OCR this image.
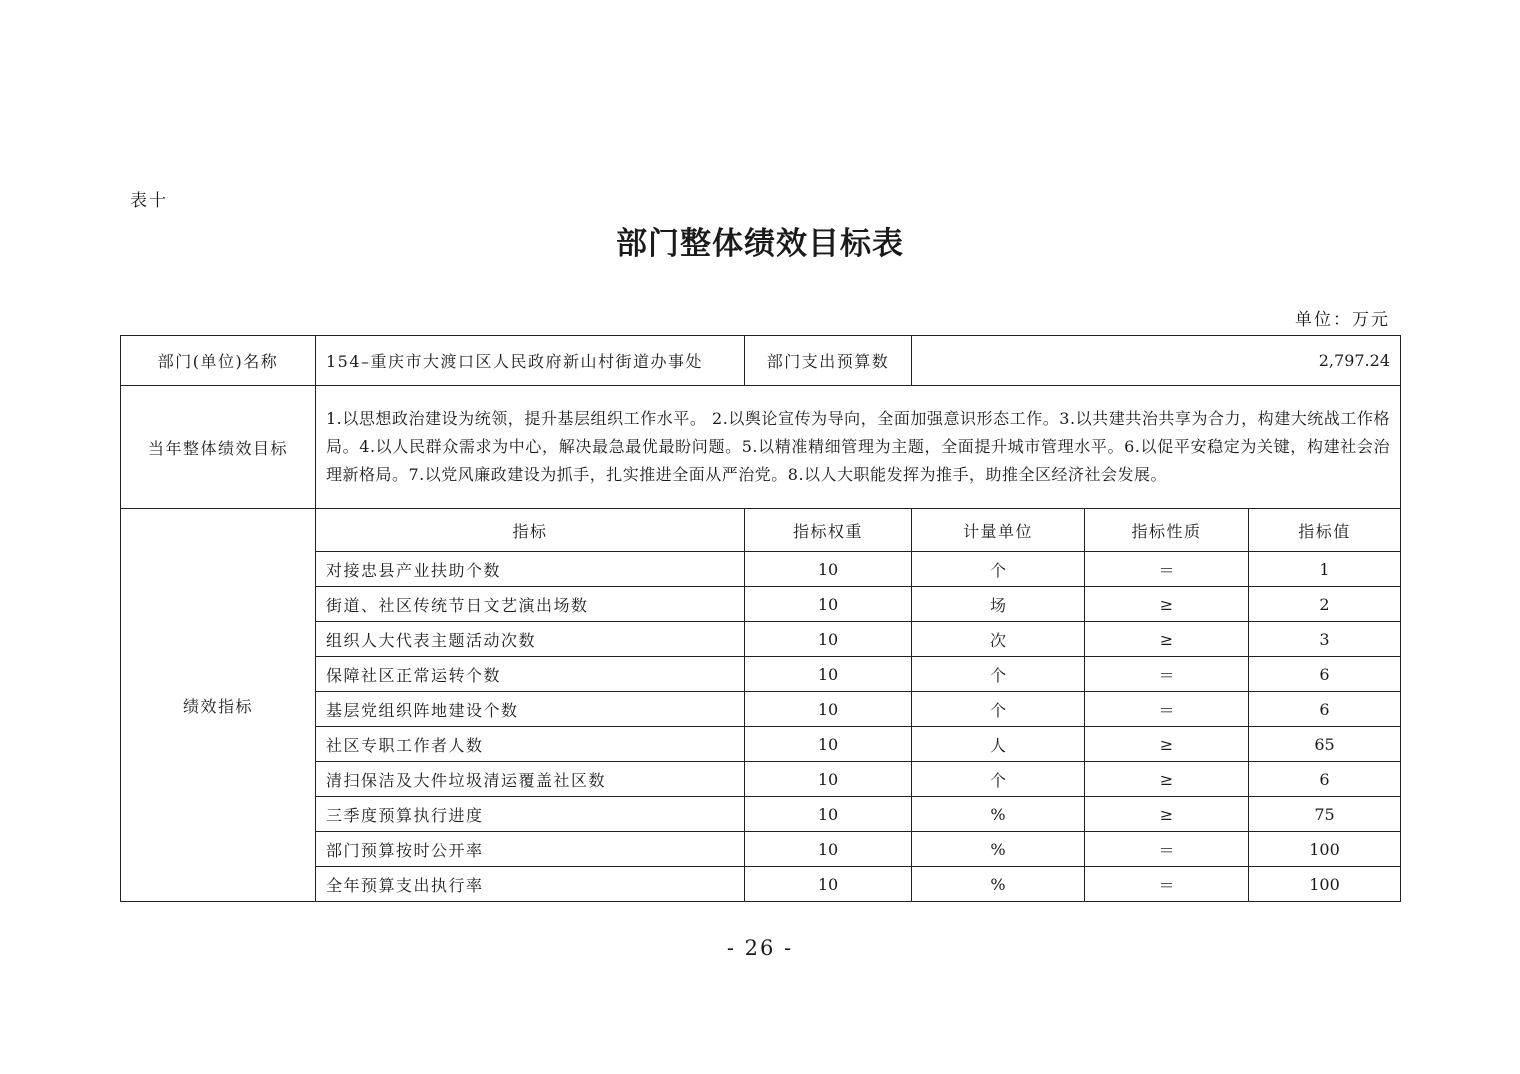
表十
部门整体绩效目标表
单位：万元
部门(单位)名称	154–重庆市大渡口区人民政府新山村街道办事处	部门支出预算数	2,797.24		
当年整体绩效目标	1.以思想政治建设为统领，提升基层组织工作水平。 2.以舆论宣传为导向，全面加强意识形态工作。3.以共建共治共享为合力，构建大统战工作格局。4.以人民群众需求为中心，解决最急最优最盼问题。5.以精准精细管理为主题，全面提升城市管理水平。6.以促平安稳定为关键，构建社会治理新格局。7.以党风廉政建设为抓手，扎实推进全面从严治党。8.以人大职能发挥为推手，助推全区经济社会发展。				
绩效指标	指标	指标权重	计量单位	指标性质	指标值
	对接忠县产业扶助个数	10	个	＝	1
	街道、社区传统节日文艺演出场数	10	场	≥	2
	组织人大代表主题活动次数	10	次	≥	3
	保障社区正常运转个数	10	个	＝	6
	基层党组织阵地建设个数	10	个	＝	6
	社区专职工作者人数	10	人	≥	65
	清扫保洁及大件垃圾清运覆盖社区数	10	个	≥	6
	三季度预算执行进度	10	%	≥	75
	部门预算按时公开率	10	%	＝	100
	全年预算支出执行率	10	%	＝	100
- 26 -
